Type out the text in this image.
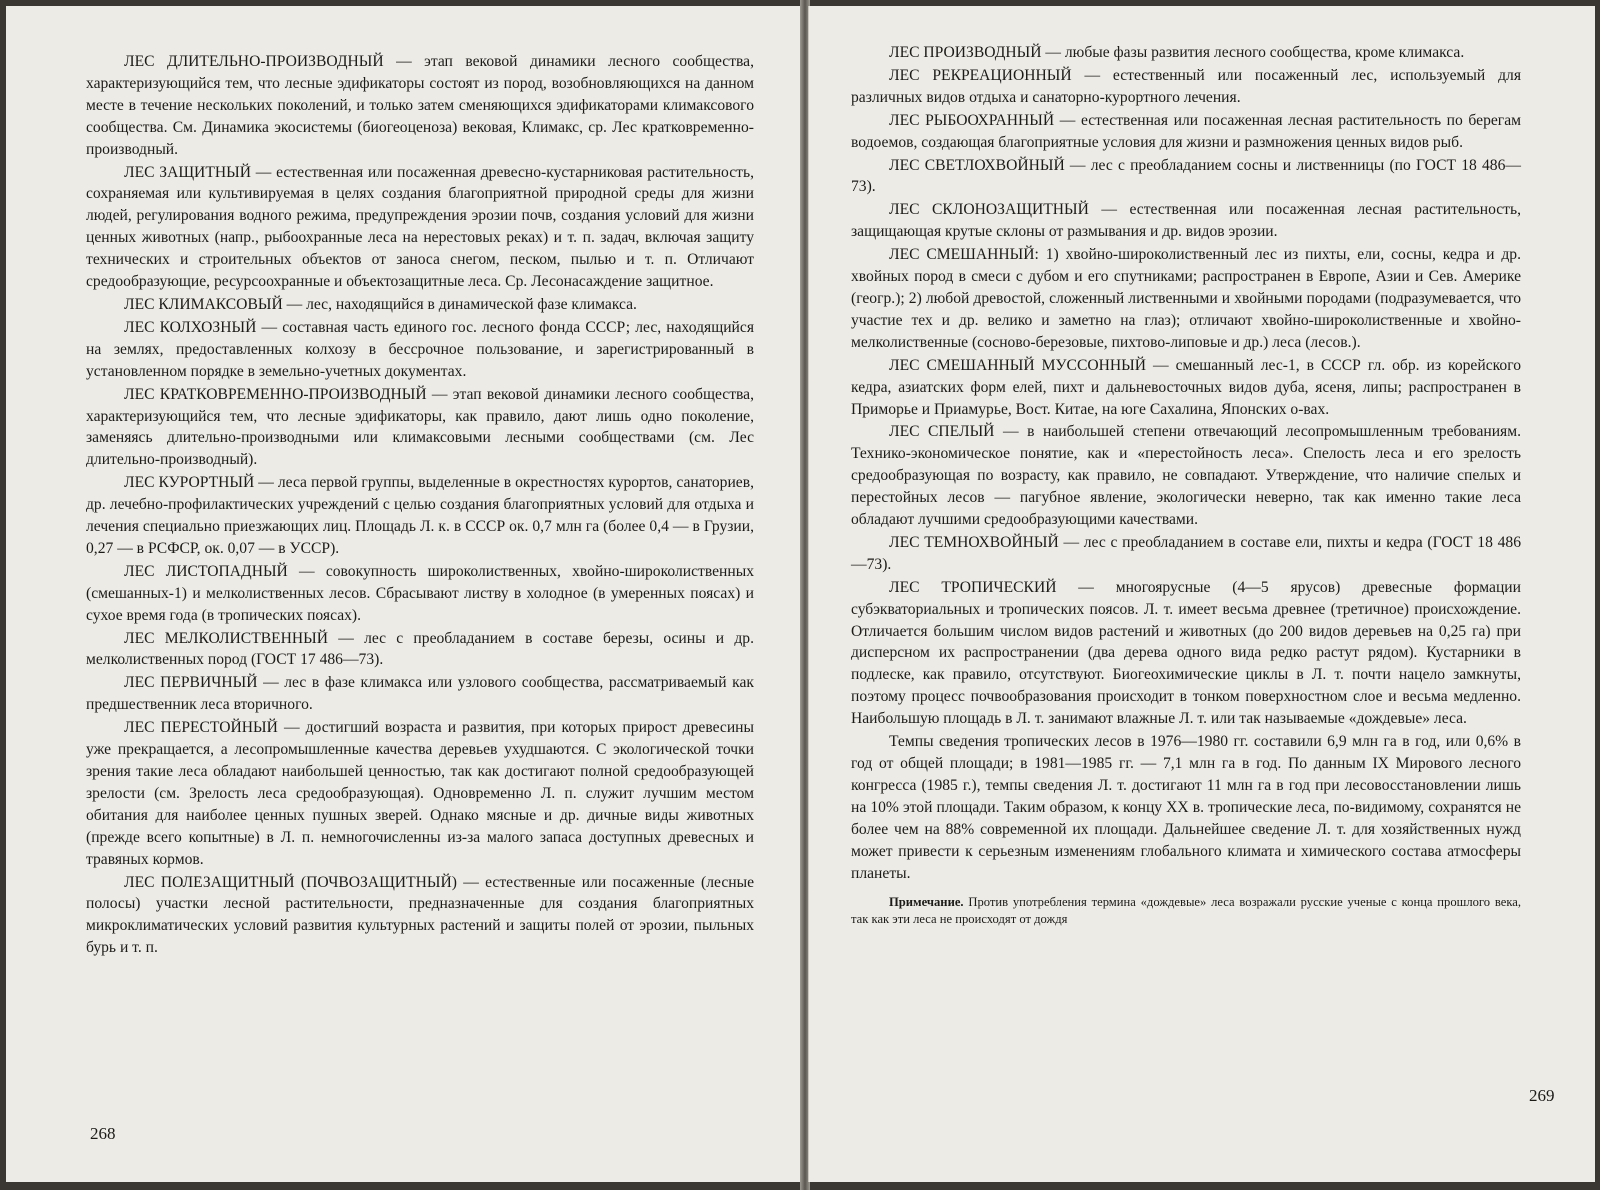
ЛЕС ДЛИТЕЛЬНО-ПРОИЗВОДНЫЙ — этап вековой динамики лесного сообщества, характеризующийся тем, что лесные эдификаторы состоят из пород, возобновляющихся на данном месте в течение нескольких поколений, и только затем сменяющихся эдификаторами климаксового сообщества. См. Динамика экосистемы (биогеоценоза) вековая, Климакс, ср. Лес кратковременно-производный.

ЛЕС ЗАЩИТНЫЙ — естественная или посаженная древесно-кустарниковая растительность, сохраняемая или культивируемая в целях создания благоприятной природной среды для жизни людей, регулирования водного режима, предупреждения эрозии почв, создания условий для жизни ценных животных (напр., рыбоохранные леса на нерестовых реках) и т. п. задач, включая защиту технических и строительных объектов от заноса снегом, песком, пылью и т. п. Отличают средообразующие, ресурсоохранные и объектозащитные леса. Ср. Лесонасаждение защитное.

ЛЕС КЛИМАКСОВЫЙ — лес, находящийся в динамической фазе климакса.

ЛЕС КОЛХОЗНЫЙ — составная часть единого гос. лесного фонда СССР; лес, находящийся на землях, предоставленных колхозу в бессрочное пользование, и зарегистрированный в установленном порядке в земельно-учетных документах.

ЛЕС КРАТКОВРЕМЕННО-ПРОИЗВОДНЫЙ — этап вековой динамики лесного сообщества, характеризующийся тем, что лесные эдификаторы, как правило, дают лишь одно поколение, заменяясь длительно-производными или климаксовыми лесными сообществами (см. Лес длительно-производный).

ЛЕС КУРОРТНЫЙ — леса первой группы, выделенные в окрестностях курортов, санаториев, др. лечебно-профилактических учреждений с целью создания благоприятных условий для отдыха и лечения специально приезжающих лиц. Площадь Л. к. в СССР ок. 0,7 млн га (более 0,4 — в Грузии, 0,27 — в РСФСР, ок. 0,07 — в УССР).

ЛЕС ЛИСТОПАДНЫЙ — совокупность широколиственных, хвойно-широколиственных (смешанных-1) и мелколиственных лесов. Сбрасывают листву в холодное (в умеренных поясах) и сухое время года (в тропических поясах).

ЛЕС МЕЛКОЛИСТВЕННЫЙ — лес с преобладанием в составе березы, осины и др. мелколиственных пород (ГОСТ 17 486—73).

ЛЕС ПЕРВИЧНЫЙ — лес в фазе климакса или узлового сообщества, рассматриваемый как предшественник леса вторичного.

ЛЕС ПЕРЕСТОЙНЫЙ — достигший возраста и развития, при которых прирост древесины уже прекращается, а лесопромышленные качества деревьев ухудшаются. С экологической точки зрения такие леса обладают наибольшей ценностью, так как достигают полной средообразующей зрелости (см. Зрелость леса средообразующая). Одновременно Л. п. служит лучшим местом обитания для наиболее ценных пушных зверей. Однако мясные и др. дичные виды животных (прежде всего копытные) в Л. п. немногочисленны из-за малого запаса доступных древесных и травяных кормов.

ЛЕС ПОЛЕЗАЩИТНЫЙ (ПОЧВОЗАЩИТНЫЙ) — естественные или посаженные (лесные полосы) участки лесной растительности, предназначенные для создания благоприятных микроклиматических условий развития культурных растений и защиты полей от эрозии, пыльных бурь и т. п.

268

ЛЕС ПРОИЗВОДНЫЙ — любые фазы развития лесного сообщества, кроме климакса.

ЛЕС РЕКРЕАЦИОННЫЙ — естественный или посаженный лес, используемый для различных видов отдыха и санаторно-курортного лечения.

ЛЕС РЫБООХРАННЫЙ — естественная или посаженная лесная растительность по берегам водоемов, создающая благоприятные условия для жизни и размножения ценных видов рыб.

ЛЕС СВЕТЛОХВОЙНЫЙ — лес с преобладанием сосны и лиственницы (по ГОСТ 18 486—73).

ЛЕС СКЛОНОЗАЩИТНЫЙ — естественная или посаженная лесная растительность, защищающая крутые склоны от размывания и др. видов эрозии.

ЛЕС СМЕШАННЫЙ: 1) хвойно-широколиственный лес из пихты, ели, сосны, кедра и др. хвойных пород в смеси с дубом и его спутниками; распространен в Европе, Азии и Сев. Америке (геогр.); 2) любой древостой, сложенный лиственными и хвойными породами (подразумевается, что участие тех и др. велико и заметно на глаз); отличают хвойно-широколиственные и хвойно-мелколиственные (сосново-березовые, пихтово-липовые и др.) леса (лесов.).

ЛЕС СМЕШАННЫЙ МУССОННЫЙ — смешанный лес-1, в СССР гл. обр. из корейского кедра, азиатских форм елей, пихт и дальневосточных видов дуба, ясеня, липы; распространен в Приморье и Приамурье, Вост. Китае, на юге Сахалина, Японских о-вах.

ЛЕС СПЕЛЫЙ — в наибольшей степени отвечающий лесопромышленным требованиям. Технико-экономическое понятие, как и «перестойность леса». Спелость леса и его зрелость средообразующая по возрасту, как правило, не совпадают. Утверждение, что наличие спелых и перестойных лесов — пагубное явление, экологически неверно, так как именно такие леса обладают лучшими средообразующими качествами.

ЛЕС ТЕМНОХВОЙНЫЙ — лес с преобладанием в составе ели, пихты и кедра (ГОСТ 18 486—73).

ЛЕС ТРОПИЧЕСКИЙ — многоярусные (4—5 ярусов) древесные формации субэкваториальных и тропических поясов. Л. т. имеет весьма древнее (третичное) происхождение. Отличается большим числом видов растений и животных (до 200 видов деревьев на 0,25 га) при дисперсном их распространении (два дерева одного вида редко растут рядом). Кустарники в подлеске, как правило, отсутствуют. Биогеохимические циклы в Л. т. почти нацело замкнуты, поэтому процесс почвообразования происходит в тонком поверхностном слое и весьма медленно. Наибольшую площадь в Л. т. занимают влажные Л. т. или так называемые «дождевые» леса.

Темпы сведения тропических лесов в 1976—1980 гг. составили 6,9 млн га в год, или 0,6% в год от общей площади; в 1981—1985 гг. — 7,1 млн га в год. По данным IX Мирового лесного конгресса (1985 г.), темпы сведения Л. т. достигают 11 млн га в год при лесовосстановлении лишь на 10% этой площади. Таким образом, к концу XX в. тропические леса, по-видимому, сохранятся не более чем на 88% современной их площади. Дальнейшее сведение Л. т. для хозяйственных нужд может привести к серьезным изменениям глобального климата и химического состава атмосферы планеты.

Примечание. Против употребления термина «дождевые» леса возражали русские ученые с конца прошлого века, так как эти леса не происходят от дождя

269
